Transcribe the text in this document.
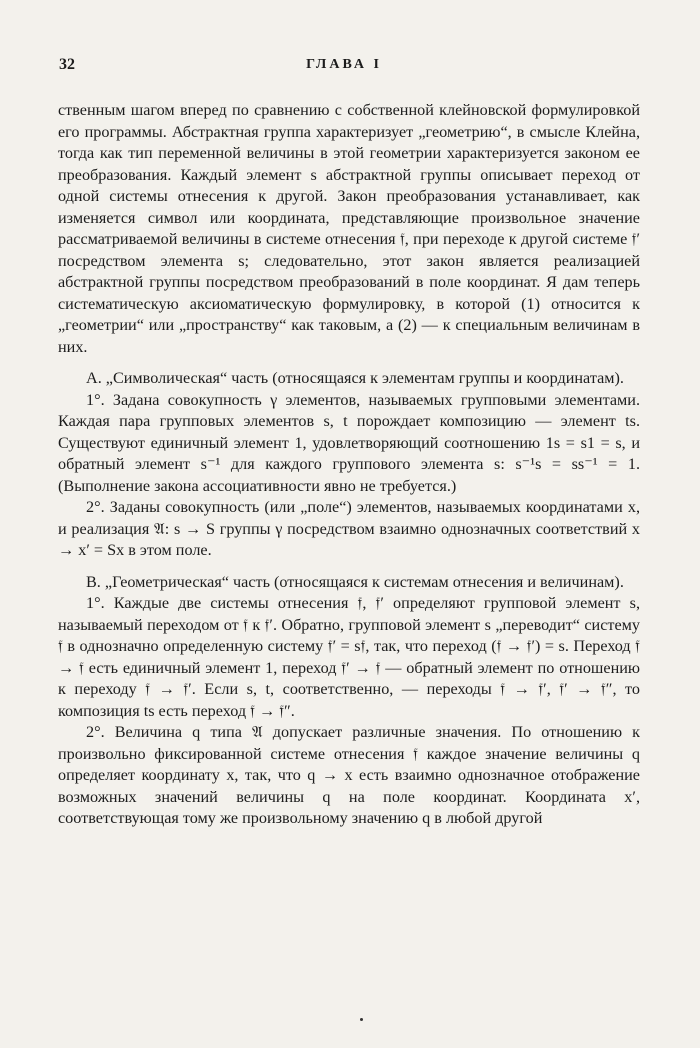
32	ГЛАВА I

ственным шагом вперед по сравнению с собственной клейновской формулировкой его программы. Абстрактная группа характеризует „геометрию“, в смысле Клейна, тогда как тип переменной величины в этой геометрии характеризуется законом ее преобразования. Каждый элемент s абстрактной группы описывает переход от одной системы отнесения к другой. Закон преобразования устанавливает, как изменяется символ или координата, представляющие произвольное значение рассматриваемой величины в системе отнесения 𝔣, при переходе к другой системе 𝔣′ посредством элемента s; следовательно, этот закон является реализацией абстрактной группы посредством преобразований в поле координат. Я дам теперь систематическую аксиоматическую формулировку, в которой (1) относится к „геометрии“ или „пространству“ как таковым, а (2) — к специальным величинам в них.

А. „Символическая“ часть (относящаяся к элементам группы и координатам).

1°. Задана совокупность γ элементов, называемых групповыми элементами. Каждая пара групповых элементов s, t порождает композицию — элемент ts. Существуют единичный элемент 1, удовлетворяющий соотношению 1s = s1 = s, и обратный элемент s⁻¹ для каждого группового элемента s: s⁻¹s = ss⁻¹ = 1. (Выполнение закона ассоциативности явно не требуется.)

2°. Заданы совокупность (или „поле“) элементов, называемых координатами x, и реализация 𝔄: s → S группы γ посредством взаимно однозначных соответствий x → x′ = Sx в этом поле.

В. „Геометрическая“ часть (относящаяся к системам отнесения и величинам).

1°. Каждые две системы отнесения 𝔣, 𝔣′ определяют групповой элемент s, называемый переходом от 𝔣 к 𝔣′. Обратно, групповой элемент s „переводит“ систему 𝔣 в однозначно определенную систему 𝔣′ = s𝔣, так, что переход (𝔣 → 𝔣′) = s. Переход 𝔣 → 𝔣 есть единичный элемент 1, переход 𝔣′ → 𝔣 — обратный элемент по отношению к переходу 𝔣 → 𝔣′. Если s, t, соответственно, — переходы 𝔣 → 𝔣′, 𝔣′ → 𝔣″, то композиция ts есть переход 𝔣 → 𝔣″.

2°. Величина q типа 𝔄 допускает различные значения. По отношению к произвольно фиксированной системе отнесения 𝔣 каждое значение величины q определяет координату x, так, что q → x есть взаимно однозначное отображение возможных значений величины q на поле координат. Координата x′, соответствующая тому же произвольному значению q в любой другой
